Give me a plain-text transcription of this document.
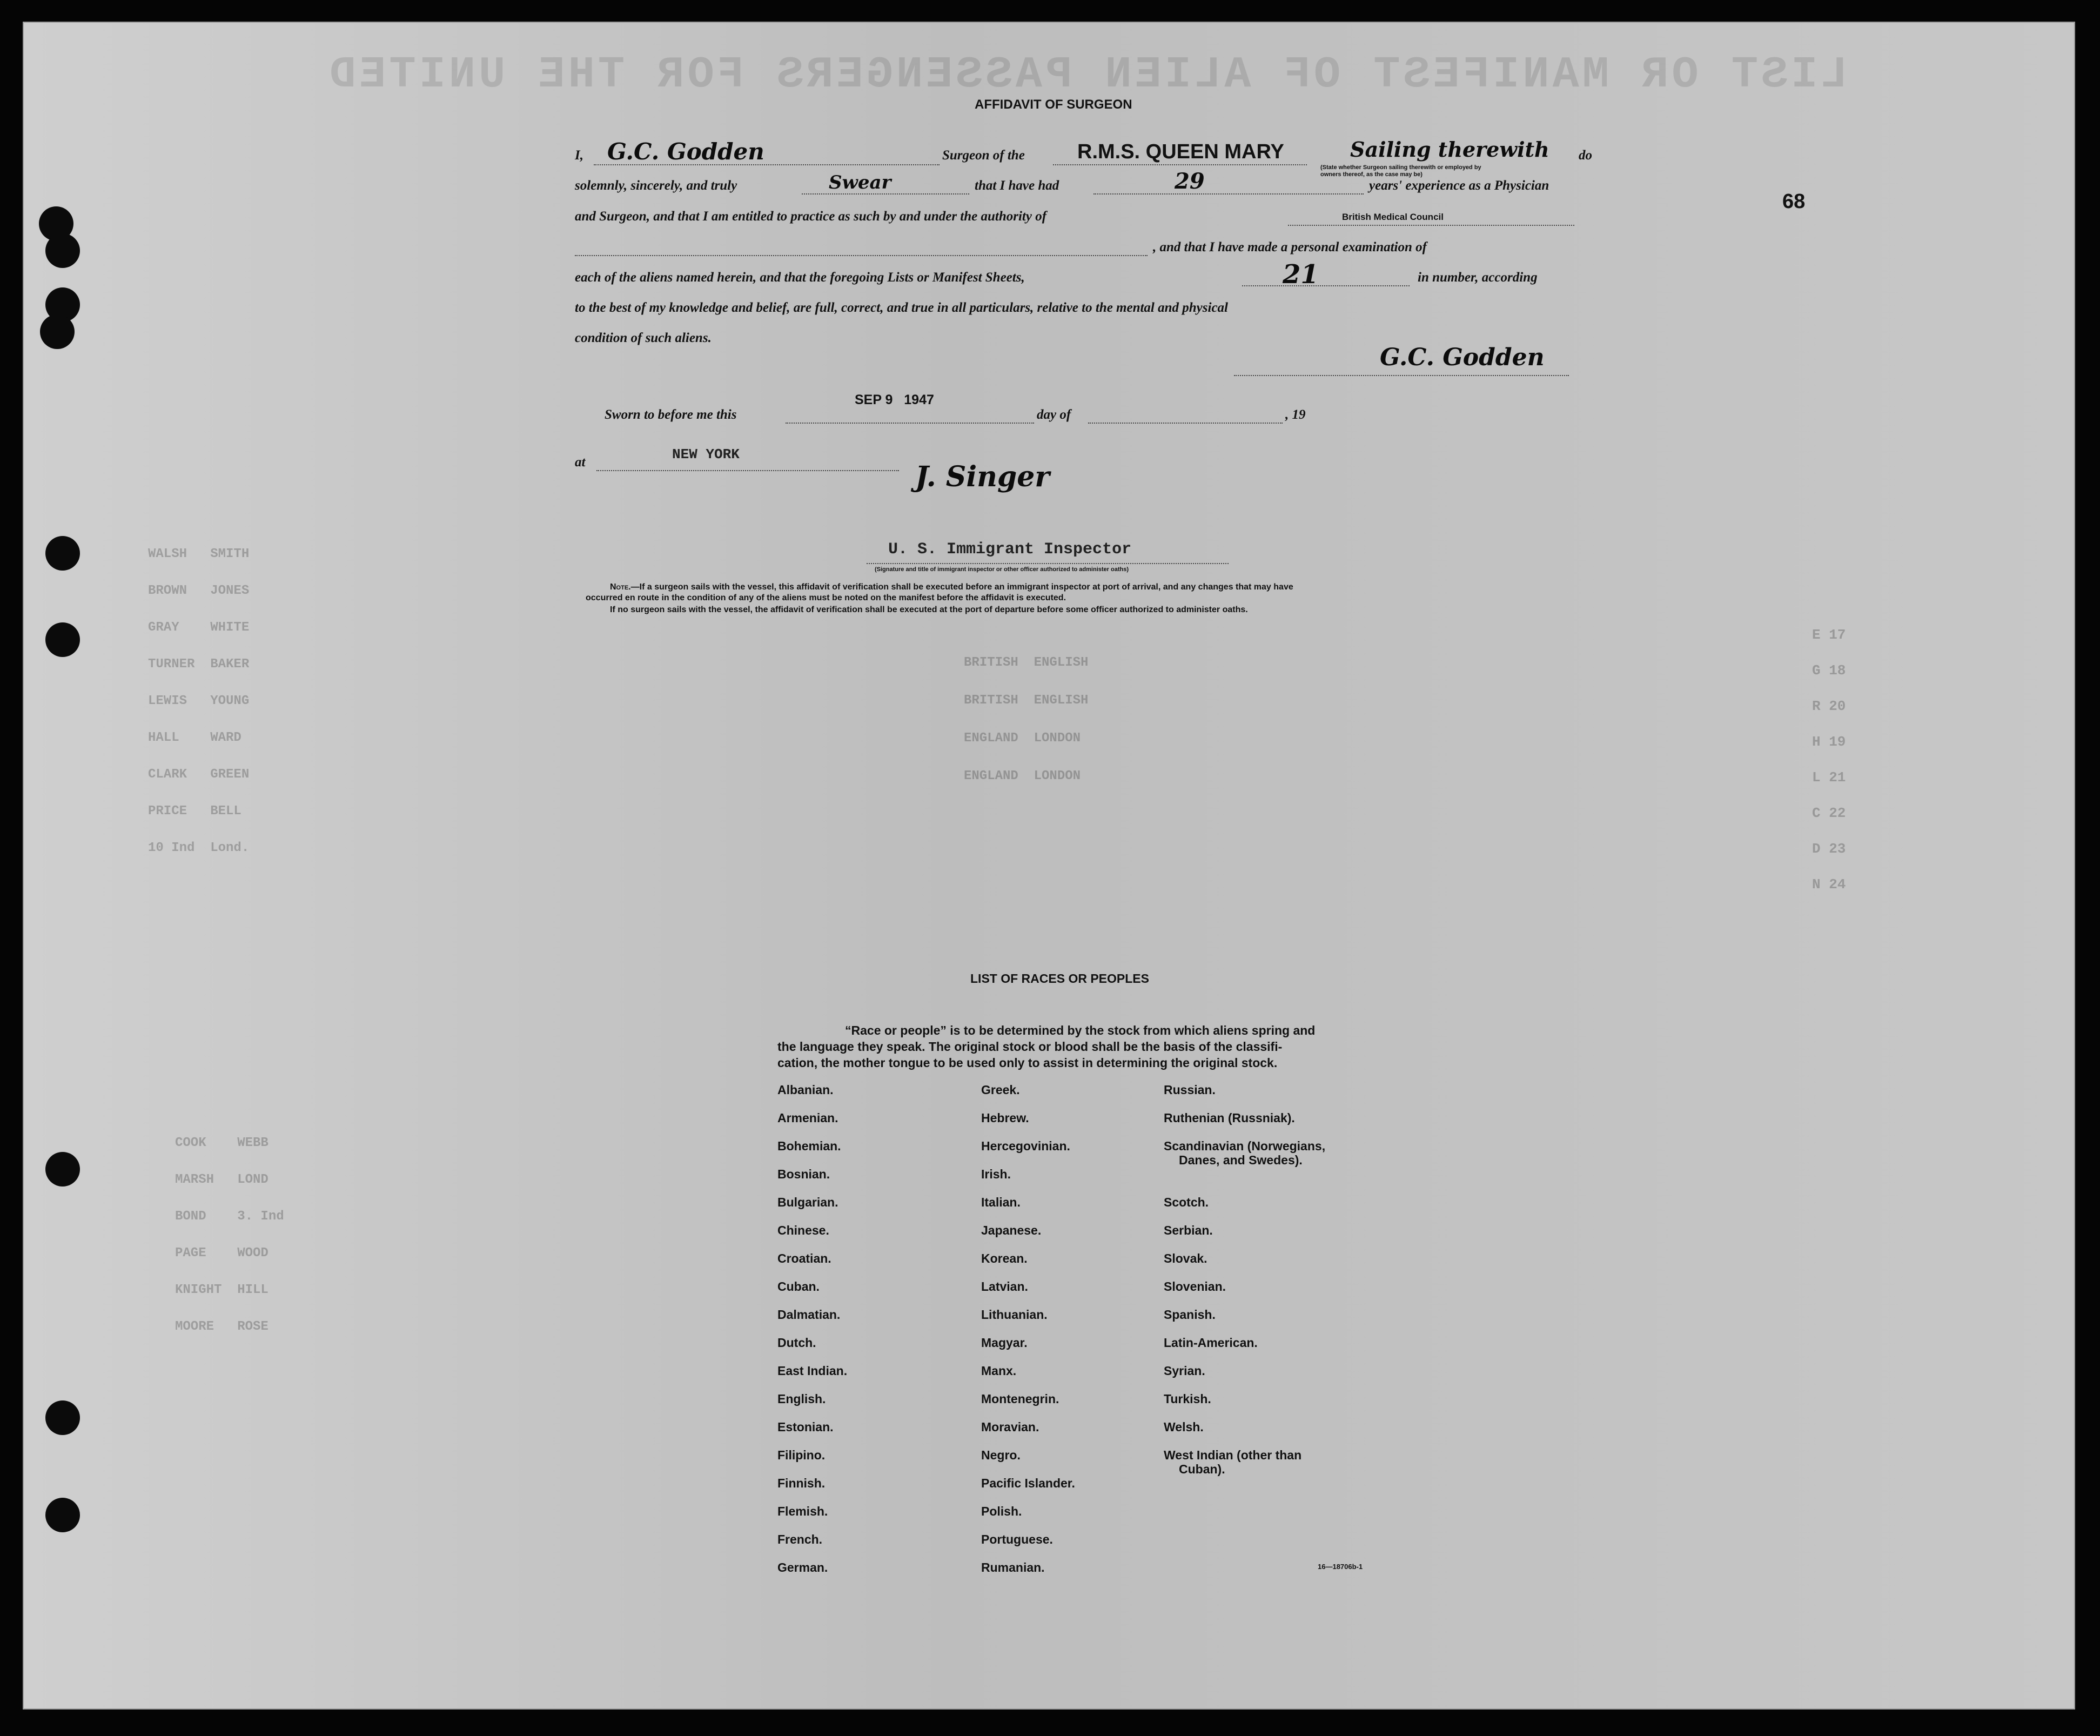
LIST OR MANIFEST OF ALIEN PASSENGERS FOR THE UNITED
WALSH   SMITH
BROWN   JONES
GRAY    WHITE
TURNER  BAKER
LEWIS   YOUNG
HALL    WARD
CLARK   GREEN
PRICE   BELL
10 Ind  Lond.
BRITISH  ENGLISH
BRITISH  ENGLISH
ENGLAND  LONDON
ENGLAND  LONDON
COOK    WEBB
MARSH   LOND
BOND    3. Ind
PAGE    WOOD
KNIGHT  HILL
MOORE   ROSE
E 17
G 18
R 20
H 19
L 21
C 22
D 23
N 24
68
AFFIDAVIT OF SURGEON
I, G.C. Godden	Surgeon of the	R.M.S. QUEEN MARY	Sailing therewith
(State whether Surgeon sailing therewith or employed by owners thereof, as the case may be)
do
solemnly, sincerely, and truly	Swear	that I have had	29	years' experience as a Physician
and Surgeon, and that I am entitled to practice as such by and under the authority of	British Medical Council
, and that I have made a personal examination of
each of the aliens named herein, and that the foregoing Lists or Manifest Sheets,	21	in number, according
to the best of my knowledge and belief, are full, correct, and true in all particulars, relative to the mental and physical
condition of such aliens.
G.C. Godden
Sworn to before me this
SEP 9   1947
day of	, 19
at	NEW YORK
J. Singer
U. S. Immigrant Inspector
(Signature and title of immigrant inspector or other officer authorized to administer oaths)
Note.—If a surgeon sails with the vessel, this affidavit of verification shall be executed before an immigrant inspector at port of arrival, and any changes that may have
occurred en route in the condition of any of the aliens must be noted on the manifest before the affidavit is executed.
If no surgeon sails with the vessel, the affidavit of verification shall be executed at the port of departure before some officer authorized to administer oaths.
LIST OF RACES OR PEOPLES
“Race or people” is to be determined by the stock from which aliens spring and
the language they speak. The original stock or blood shall be the basis of the classifi-
cation, the mother tongue to be used only to assist in determining the original stock.
Albanian.
Armenian.
Bohemian.
Bosnian.
Bulgarian.
Chinese.
Croatian.
Cuban.
Dalmatian.
Dutch.
East Indian.
English.
Estonian.
Filipino.
Finnish.
Flemish.
French.
German.
Greek.
Hebrew.
Hercegovinian.
Irish.
Italian.
Japanese.
Korean.
Latvian.
Lithuanian.
Magyar.
Manx.
Montenegrin.
Moravian.
Negro.
Pacific Islander.
Polish.
Portuguese.
Rumanian.
Russian.
Ruthenian (Russniak).
Scandinavian (Norwegians,
Danes, and Swedes).
Scotch.
Serbian.
Slovak.
Slovenian.
Spanish.
Latin-American.
Syrian.
Turkish.
Welsh.
West Indian (other than
Cuban).
16—18706b-1
